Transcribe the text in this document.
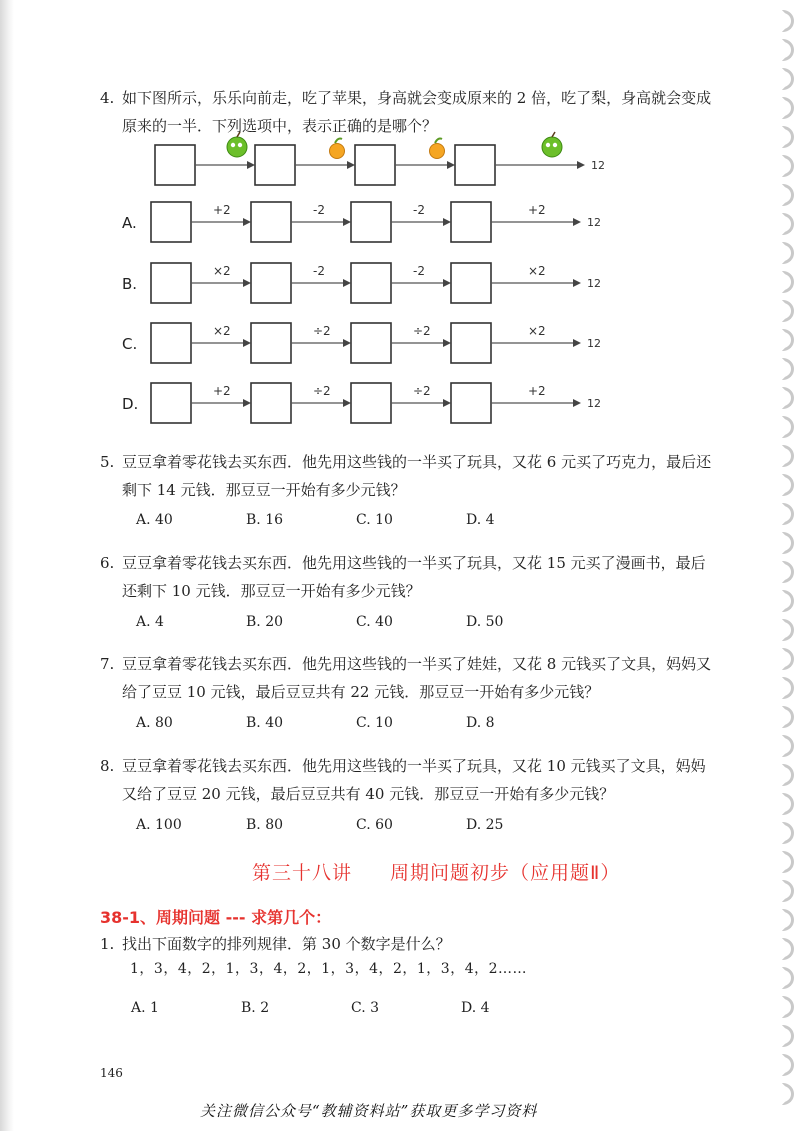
4. 如下图所示，乐乐向前走，吃了苹果，身高就会变成原来的 2 倍，吃了梨，身高就会变成
原来的一半．下列选项中，表示正确的是哪个？
12
A.
+2	-2	-2	+2
12
B.
×2	-2	-2	×2
12
C.
×2	÷2	÷2	×2
12
D.
+2	÷2	÷2	+2
12
5. 豆豆拿着零花钱去买东西．他先用这些钱的一半买了玩具，又花 6 元买了巧克力，最后还
剩下 14 元钱．那豆豆一开始有多少元钱？
A. 40	B. 16	C. 10	D. 4
6. 豆豆拿着零花钱去买东西．他先用这些钱的一半买了玩具，又花 15 元买了漫画书，最后
还剩下 10 元钱．那豆豆一开始有多少元钱？
A. 4	B. 20	C. 40	D. 50
7. 豆豆拿着零花钱去买东西．他先用这些钱的一半买了娃娃，又花 8 元钱买了文具，妈妈又
给了豆豆 10 元钱，最后豆豆共有 22 元钱．那豆豆一开始有多少元钱？
A. 80	B. 40	C. 10	D. 8
8. 豆豆拿着零花钱去买东西．他先用这些钱的一半买了玩具，又花 10 元钱买了文具，妈妈
又给了豆豆 20 元钱，最后豆豆共有 40 元钱．那豆豆一开始有多少元钱？
A. 100	B. 80	C. 60	D. 25
第三十八讲 周期问题初步（应用题Ⅱ）
38-1、周期问题 --- 求第几个：
1. 找出下面数字的排列规律．第 30 个数字是什么？
1，3，4，2，1，3，4，2，1，3，4，2，1，3，4，2……
A. 1	B. 2	C. 3	D. 4
146
关注微信公众号“教辅资料站”获取更多学习资料
